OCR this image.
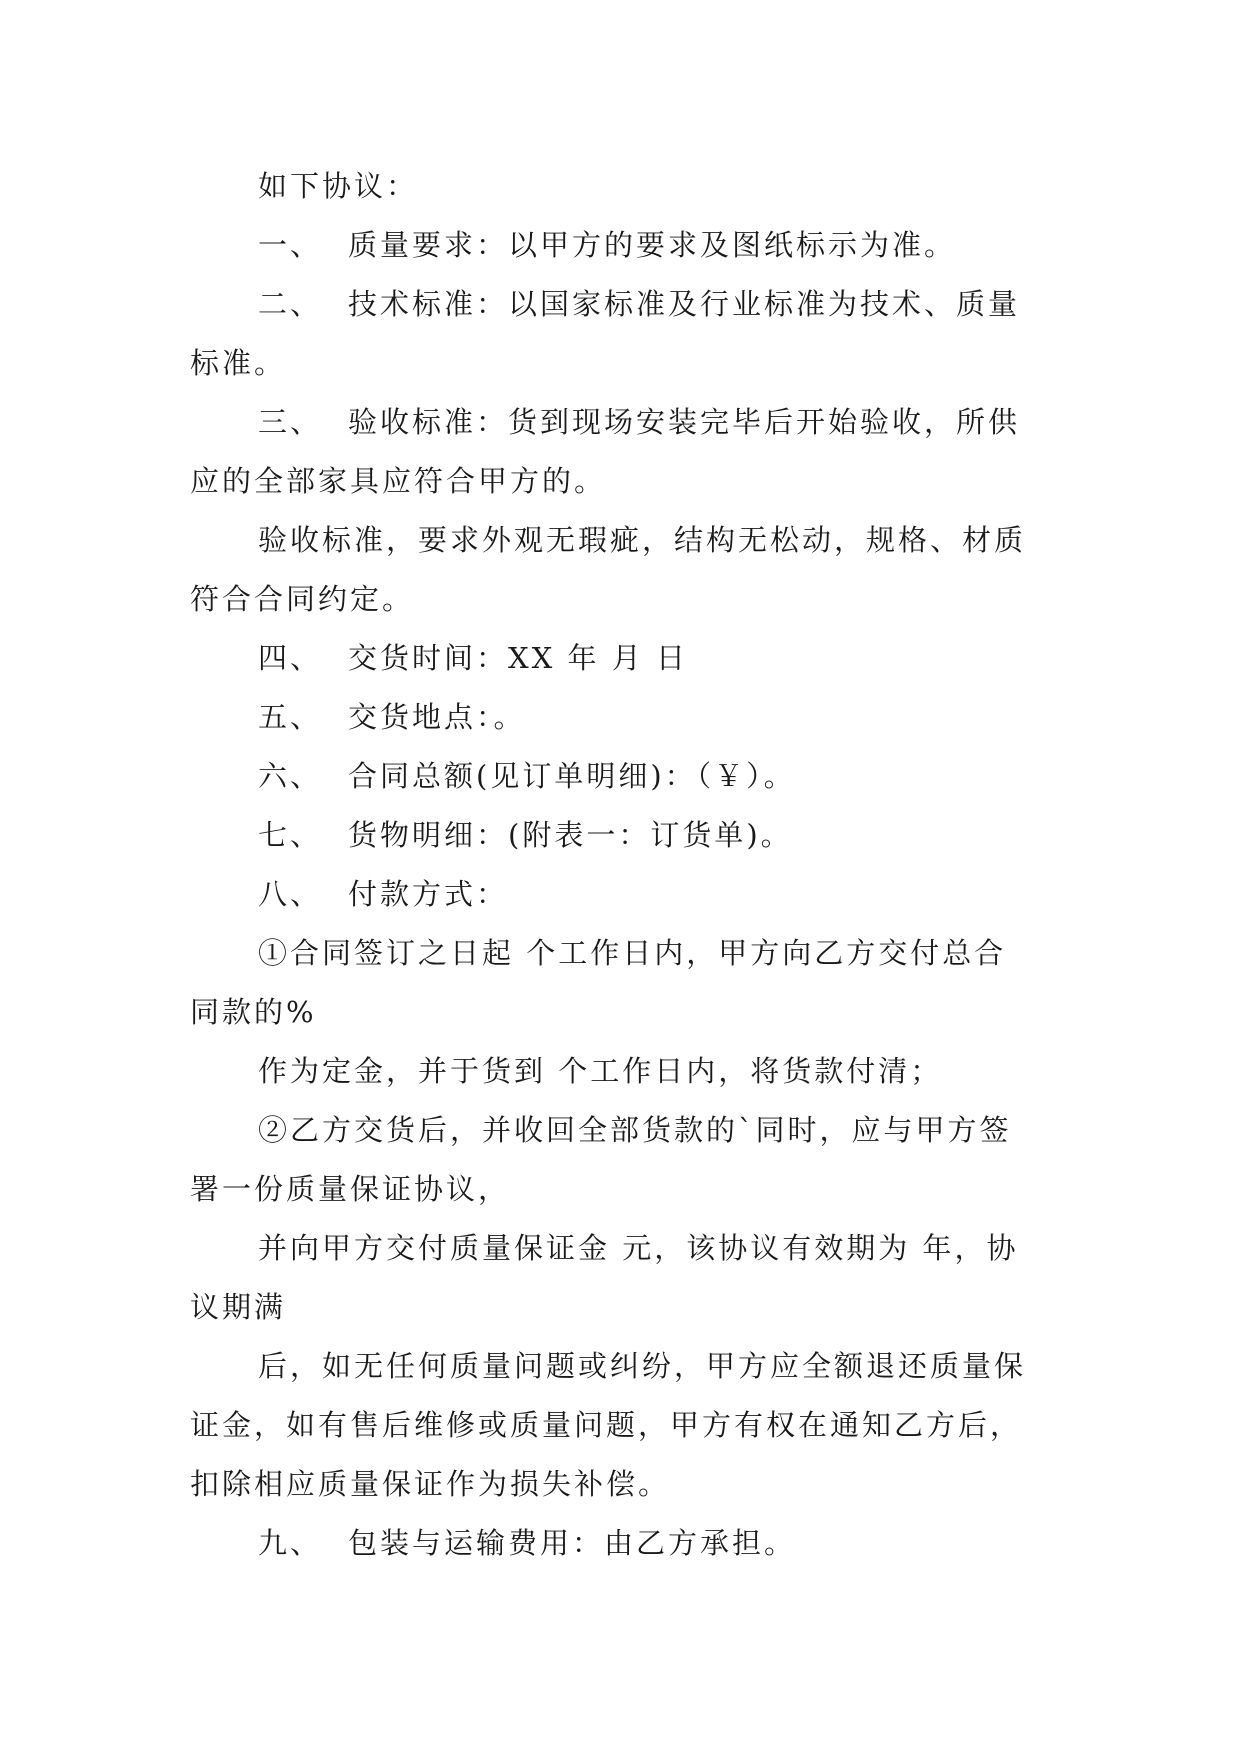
如下协议：
一、 质量要求：以甲方的要求及图纸标示为准。
二、 技术标准：以国家标准及行业标准为技术、质量
标准。
三、 验收标准：货到现场安装完毕后开始验收，所供
应的全部家具应符合甲方的。
验收标准，要求外观无瑕疵，结构无松动，规格、材质
符合合同约定。
四、 交货时间：XX 年 月 日
五、 交货地点：。
六、 合同总额(见订单明细)：（￥）。
七、 货物明细：(附表一：订货单)。
八、 付款方式：
①合同签订之日起 个工作日内，甲方向乙方交付总合
同款的%
作为定金，并于货到 个工作日内，将货款付清；
②乙方交货后，并收回全部货款的`同时，应与甲方签
署一份质量保证协议，
并向甲方交付质量保证金 元，该协议有效期为 年，协
议期满
后，如无任何质量问题或纠纷，甲方应全额退还质量保
证金，如有售后维修或质量问题，甲方有权在通知乙方后，
扣除相应质量保证作为损失补偿。
九、 包装与运输费用：由乙方承担。
